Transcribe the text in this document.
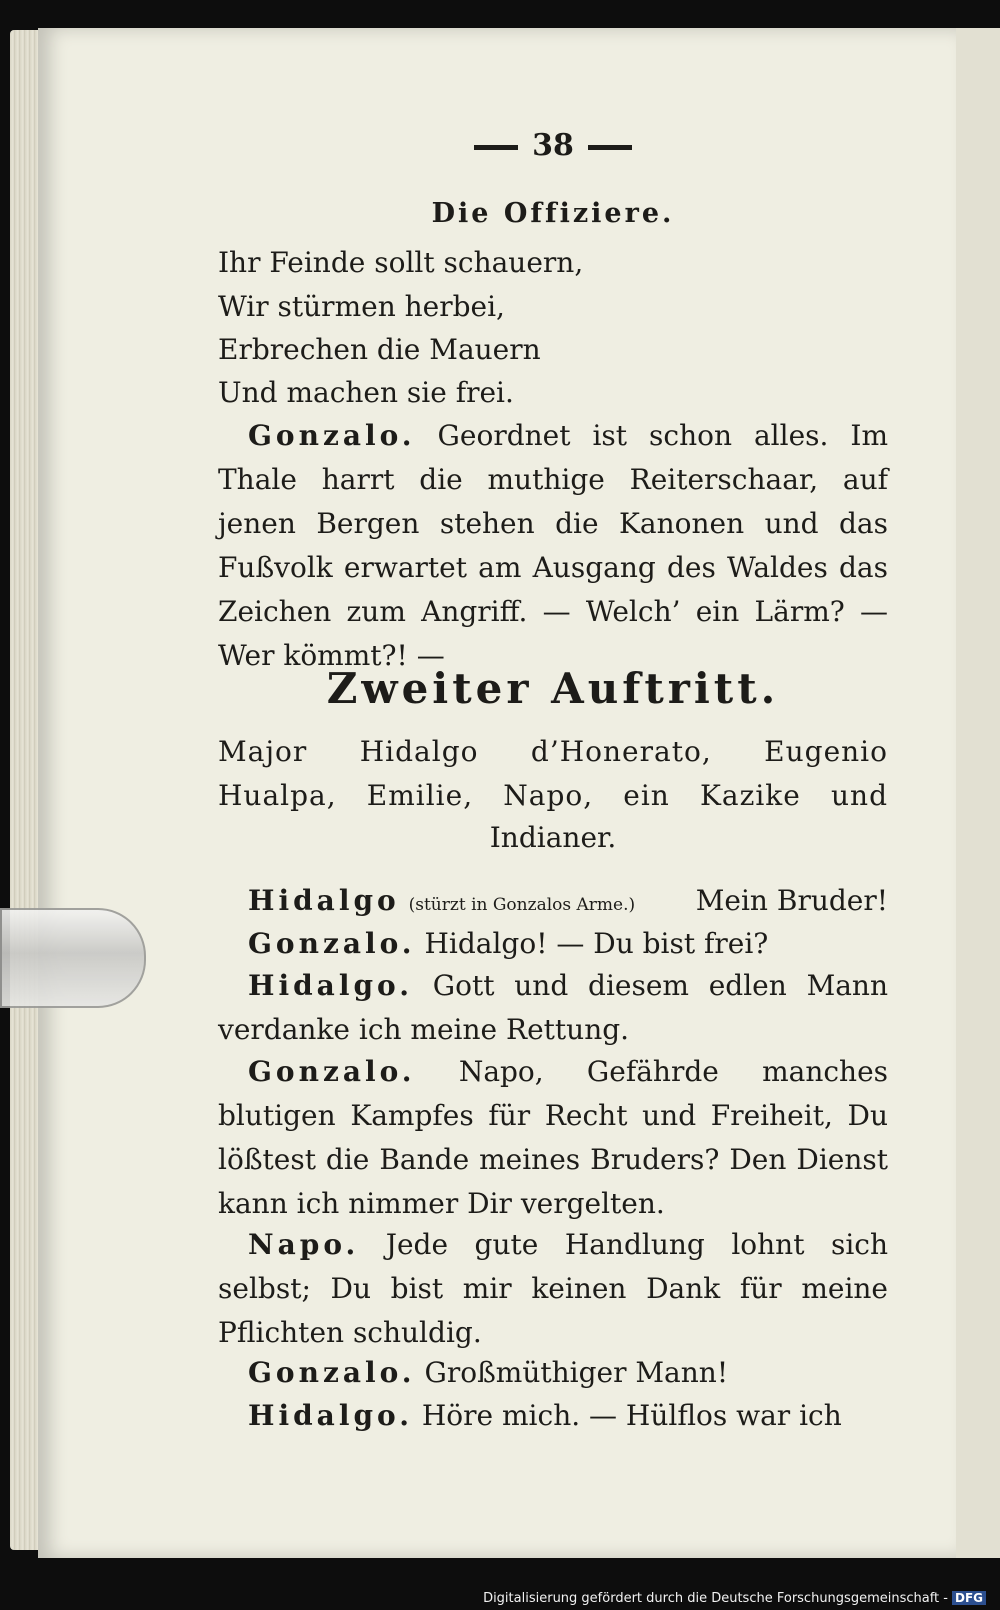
38
Die Offiziere.
Ihr Feinde sollt schauern,
Wir stürmen herbei,
Erbrechen die Mauern
Und machen sie frei.
Gonzalo. Geordnet ist schon alles. Im Thale harrt die muthige Reiterschaar, auf jenen Bergen stehen die Kanonen und das Fußvolk erwartet am Ausgang des Waldes das Zeichen zum Angriff. — Welch’ ein Lärm? — Wer kömmt?! —
Zweiter Auftritt.
Major Hidalgo d’Honerato, Eugenio
Hualpa, Emilie, Napo, ein Kazike und
Indianer.
Hidalgo (stürzt in Gonzalos Arme.) Mein Bruder!
Gonzalo. Hidalgo! — Du bist frei?
Hidalgo. Gott und diesem edlen Mann verdanke ich meine Rettung.
Gonzalo. Napo, Gefährde manches blutigen Kampfes für Recht und Freiheit, Du lößtest die Bande meines Bruders? Den Dienst kann ich nimmer Dir vergelten.
Napo. Jede gute Handlung lohnt sich selbst; Du bist mir keinen Dank für meine Pflichten schuldig.
Gonzalo. Großmüthiger Mann!
Hidalgo. Höre mich. — Hülflos war ich
Digitalisierung gefördert durch die Deutsche Forschungsgemeinschaft - DFG
